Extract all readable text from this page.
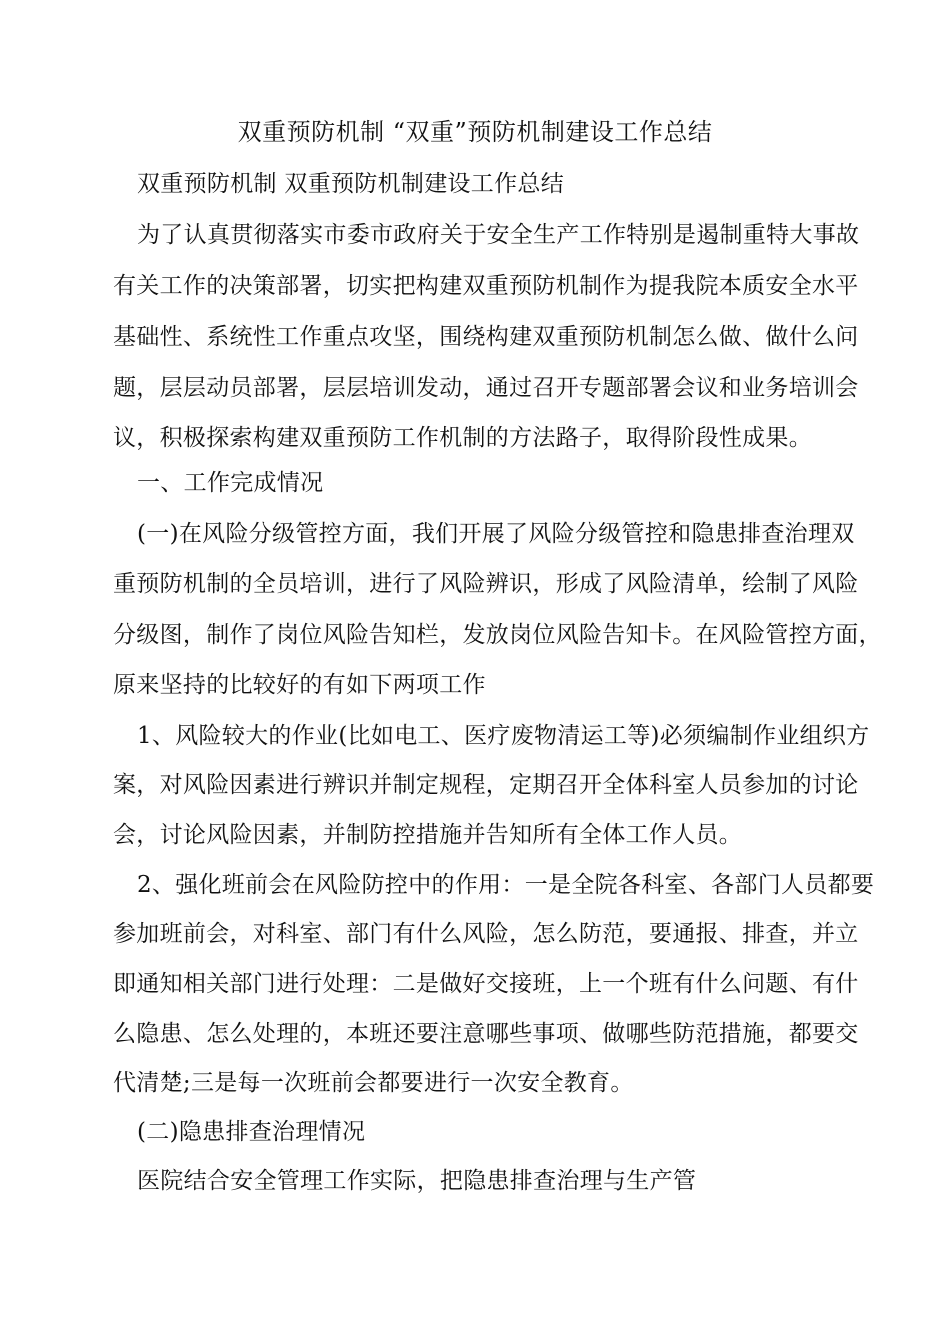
双重预防机制 “双重”预防机制建设工作总结
双重预防机制 双重预防机制建设工作总结
为了认真贯彻落实市委市政府关于安全生产工作特别是遏制重特大事故
有关工作的决策部署，切实把构建双重预防机制作为提我院本质安全水平
基础性、系统性工作重点攻坚，围绕构建双重预防机制怎么做、做什么问
题，层层动员部署，层层培训发动，通过召开专题部署会议和业务培训会
议，积极探索构建双重预防工作机制的方法路子，取得阶段性成果。
一、工作完成情况
(一)在风险分级管控方面，我们开展了风险分级管控和隐患排查治理双
重预防机制的全员培训，进行了风险辨识，形成了风险清单，绘制了风险
分级图，制作了岗位风险告知栏，发放岗位风险告知卡。在风险管控方面，
原来坚持的比较好的有如下两项工作
1、风险较大的作业(比如电工、医疗废物清运工等)必须编制作业组织方
案，对风险因素进行辨识并制定规程，定期召开全体科室人员参加的讨论
会，讨论风险因素，并制防控措施并告知所有全体工作人员。
2、强化班前会在风险防控中的作用：一是全院各科室、各部门人员都要
参加班前会，对科室、部门有什么风险，怎么防范，要通报、排查，并立
即通知相关部门进行处理：二是做好交接班，上一个班有什么问题、有什
么隐患、怎么处理的，本班还要注意哪些事项、做哪些防范措施，都要交
代清楚;三是每一次班前会都要进行一次安全教育。
(二)隐患排查治理情况
医院结合安全管理工作实际，把隐患排查治理与生产管
